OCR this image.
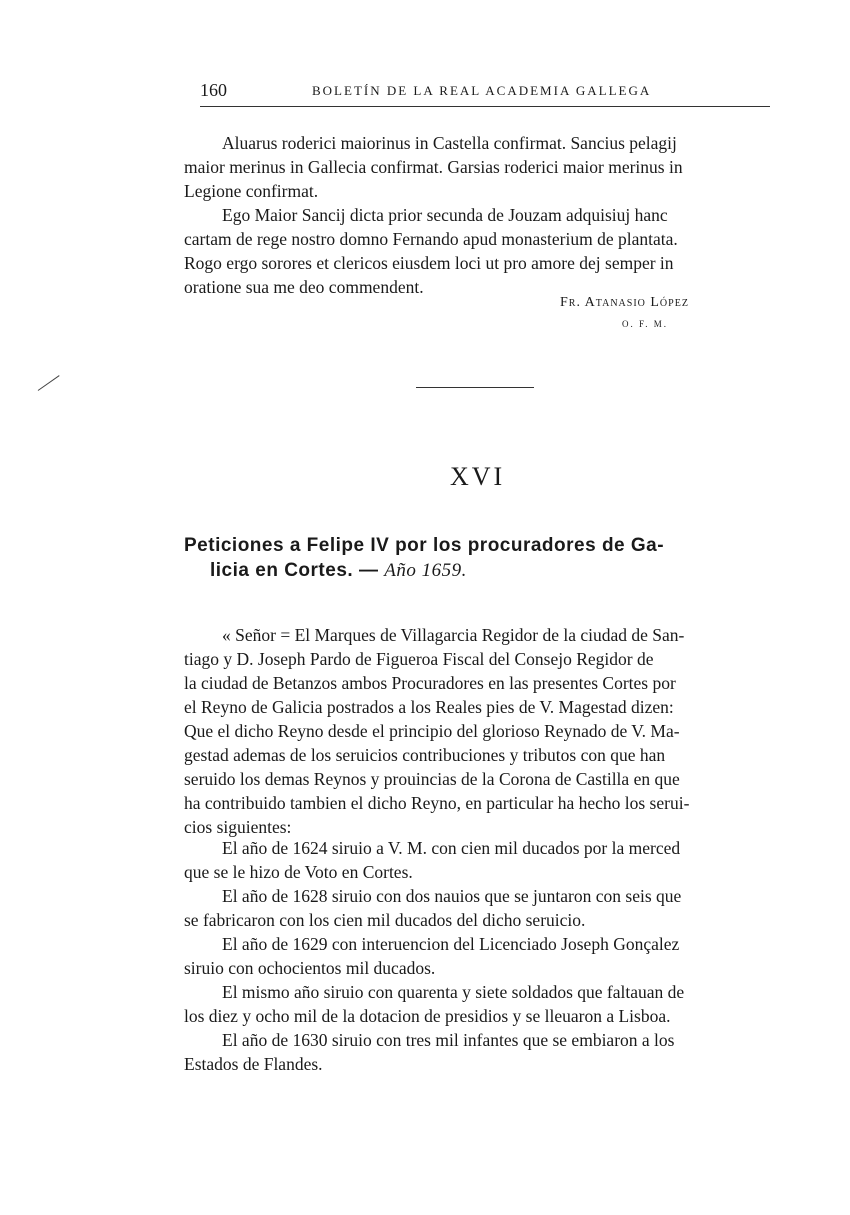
160	BOLETÍN DE LA REAL ACADEMIA GALLEGA

Aluarus roderici maiorinus in Castella confirmat. Sancius pelagij
maior merinus in Gallecia confirmat. Garsias roderici maior merinus in
Legione confirmat.
Ego Maior Sancij dicta prior secunda de Jouzam adquisiuj hanc
cartam de rege nostro domno Fernando apud monasterium de plantata.
Rogo ergo sorores et clericos eiusdem loci ut pro amore dej semper in
oratione sua me deo commendent.

Fr. Atanasio López
O. F. M.
XVI
Peticiones a Felipe IV por los procuradores de Ga-
licia en Cortes. — Año 1659.

« Señor = El Marques de Villagarcia Regidor de la ciudad de San-
tiago y D. Joseph Pardo de Figueroa Fiscal del Consejo Regidor de
la ciudad de Betanzos ambos Procuradores en las presentes Cortes por
el Reyno de Galicia postrados a los Reales pies de V. Magestad dizen:
Que el dicho Reyno desde el principio del glorioso Reynado de V. Ma-
gestad ademas de los seruicios contribuciones y tributos con que han
seruido los demas Reynos y prouincias de la Corona de Castilla en que
ha contribuido tambien el dicho Reyno, en particular ha hecho los serui-
cios siguientes:

El año de 1624 siruio a V. M. con cien mil ducados por la merced
que se le hizo de Voto en Cortes.

El año de 1628 siruio con dos nauios que se juntaron con seis que
se fabricaron con los cien mil ducados del dicho seruicio.

El año de 1629 con interuencion del Licenciado Joseph Gonçalez
siruio con ochocientos mil ducados.

El mismo año siruio con quarenta y siete soldados que faltauan de
los diez y ocho mil de la dotacion de presidios y se lleuaron a Lisboa.

El año de 1630 siruio con tres mil infantes que se embiaron a los
Estados de Flandes.
